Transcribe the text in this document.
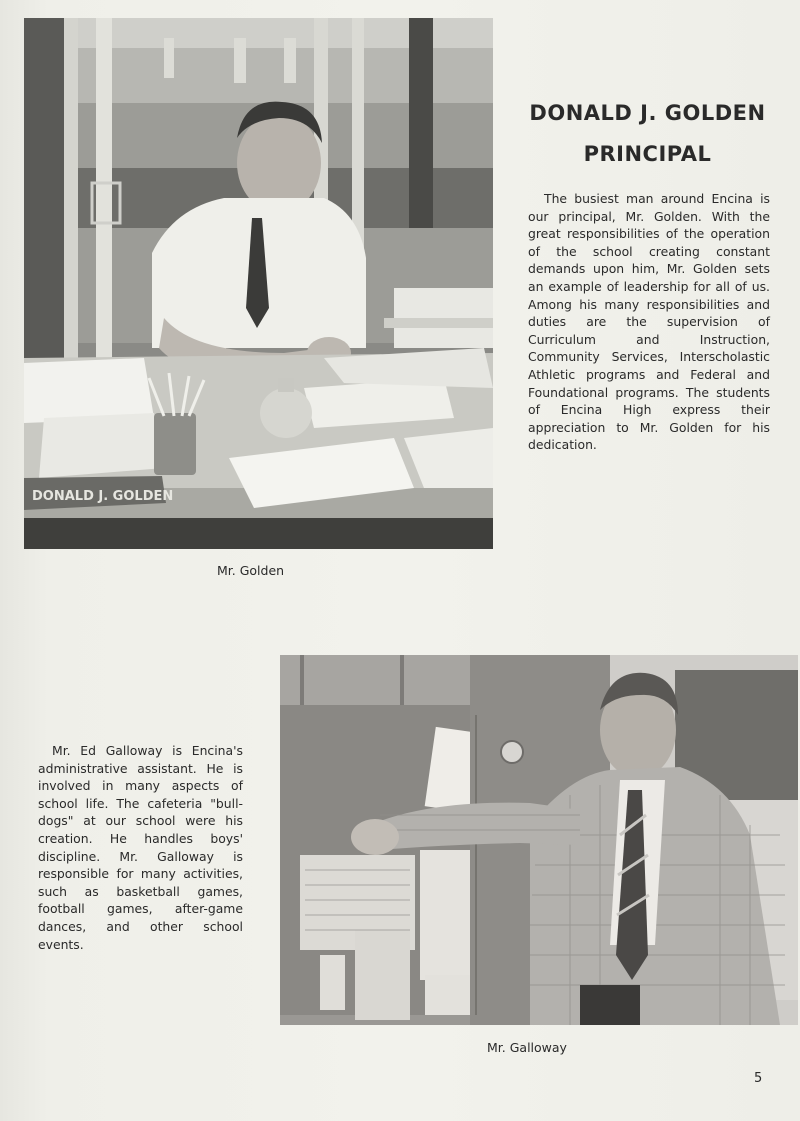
DONALD J. GOLDEN
DONALD J. GOLDEN
PRINCIPAL

The busiest man around Encina is our principal, Mr. Golden. With the great responsibilities of the operation of the school creating constant demands upon him, Mr. Golden sets an example of leadership for all of us. Among his many responsibilities and duties are the supervision of Curriculum and Instruction, Community Services, Interscholastic Athletic programs and Federal and Foundational programs. The students of Encina High express their appreciation to Mr. Golden for his dedication.

Mr. Golden

Mr. Ed Galloway is Encina's administrative assistant. He is involved in many aspects of school life. The cafeteria "bull-dogs" at our school were his creation. He handles boys' discipline. Mr. Galloway is responsible for many activities, such as basketball games, football games, after-game dances, and other school events.

Mr. Galloway

5
